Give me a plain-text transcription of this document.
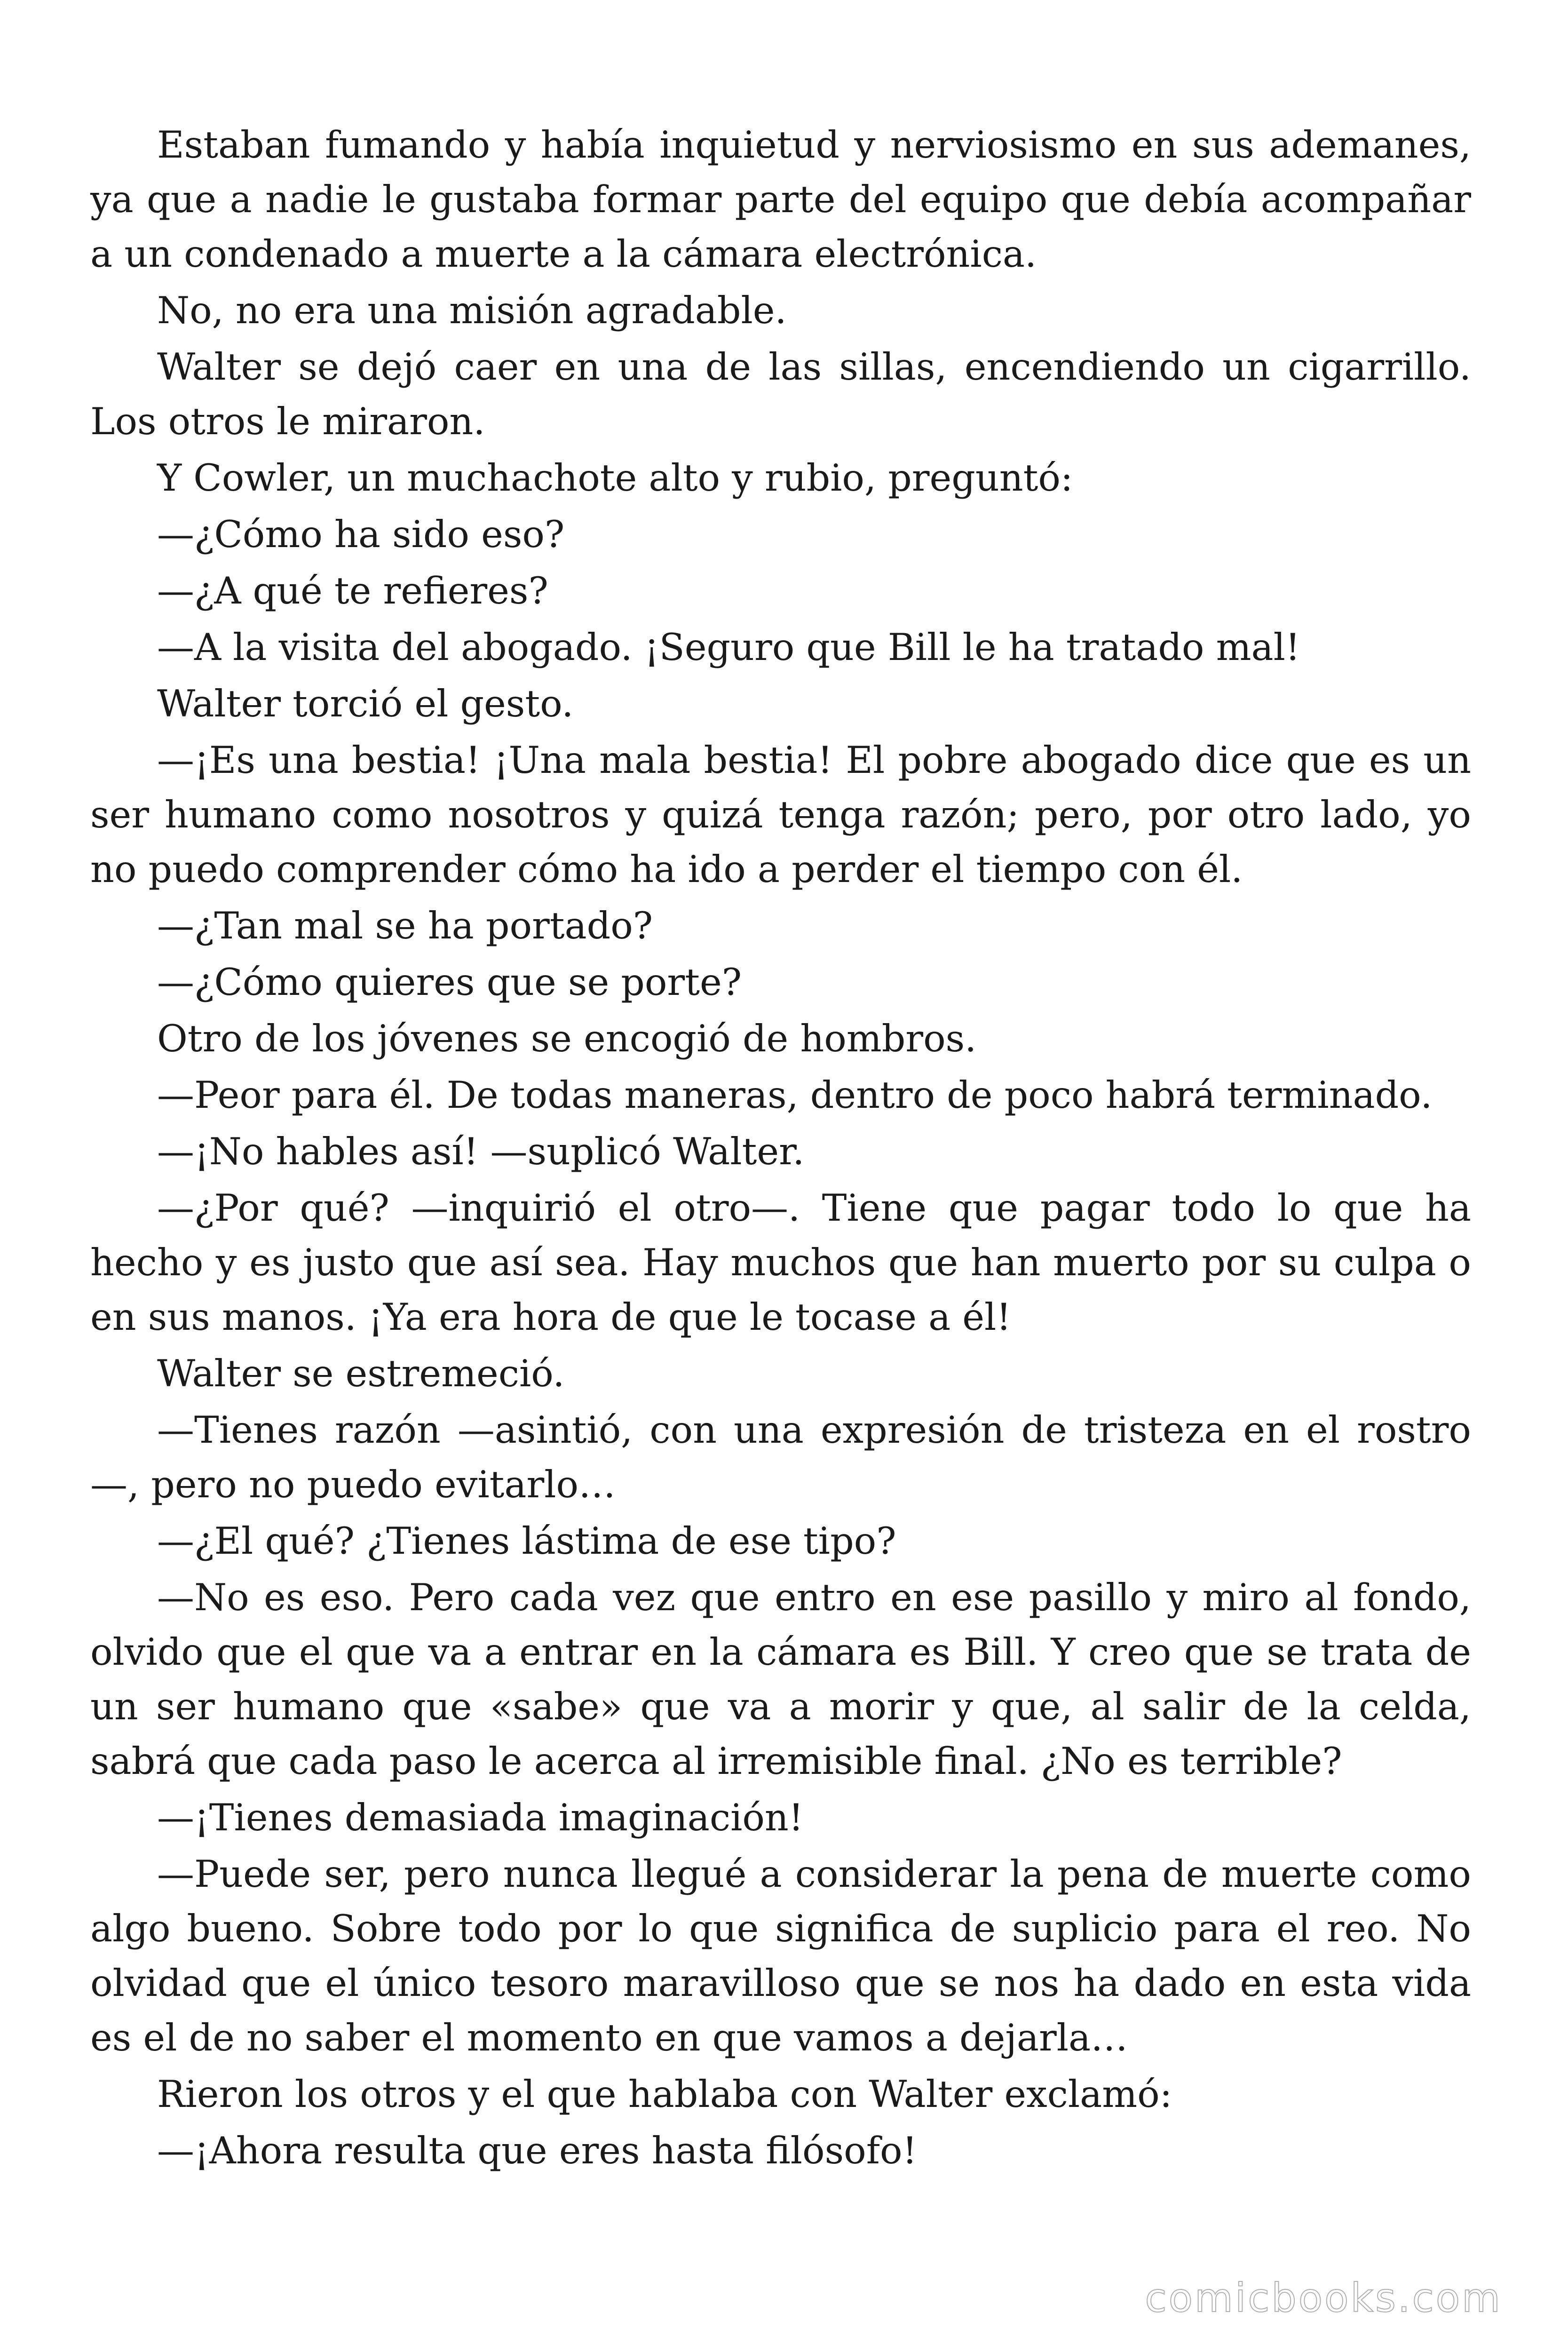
Estaban fumando y había inquietud y nerviosismo en sus ademanes, ya que a nadie le gustaba formar parte del equipo que debía acompañar a un condenado a muerte a la cámara electrónica.

No, no era una misión agradable.

Walter se dejó caer en una de las sillas, encendiendo un cigarrillo. Los otros le miraron.

Y Cowler, un muchachote alto y rubio, preguntó:

—¿Cómo ha sido eso?

—¿A qué te refieres?

—A la visita del abogado. ¡Seguro que Bill le ha tratado mal!

Walter torció el gesto.

—¡Es una bestia! ¡Una mala bestia! El pobre abogado dice que es un ser humano como nosotros y quizá tenga razón; pero, por otro lado, yo no puedo comprender cómo ha ido a perder el tiempo con él.

—¿Tan mal se ha portado?

—¿Cómo quieres que se porte?

Otro de los jóvenes se encogió de hombros.

—Peor para él. De todas maneras, dentro de poco habrá terminado.

—¡No hables así! —suplicó Walter.

—¿Por qué? —inquirió el otro—. Tiene que pagar todo lo que ha hecho y es justo que así sea. Hay muchos que han muerto por su culpa o en sus manos. ¡Ya era hora de que le tocase a él!

Walter se estremeció.

—Tienes razón —asintió, con una expresión de tristeza en el rostro —, pero no puedo evitarlo…

—¿El qué? ¿Tienes lástima de ese tipo?

—No es eso. Pero cada vez que entro en ese pasillo y miro al fondo, olvido que el que va a entrar en la cámara es Bill. Y creo que se trata de un ser humano que «sabe» que va a morir y que, al salir de la celda, sabrá que cada paso le acerca al irremisible final. ¿No es terrible?

—¡Tienes demasiada imaginación!

—Puede ser, pero nunca llegué a considerar la pena de muerte como algo bueno. Sobre todo por lo que significa de suplicio para el reo. No olvidad que el único tesoro maravilloso que se nos ha dado en esta vida es el de no saber el momento en que vamos a dejarla…

Rieron los otros y el que hablaba con Walter exclamó:

—¡Ahora resulta que eres hasta filósofo!

comicbooks.com
